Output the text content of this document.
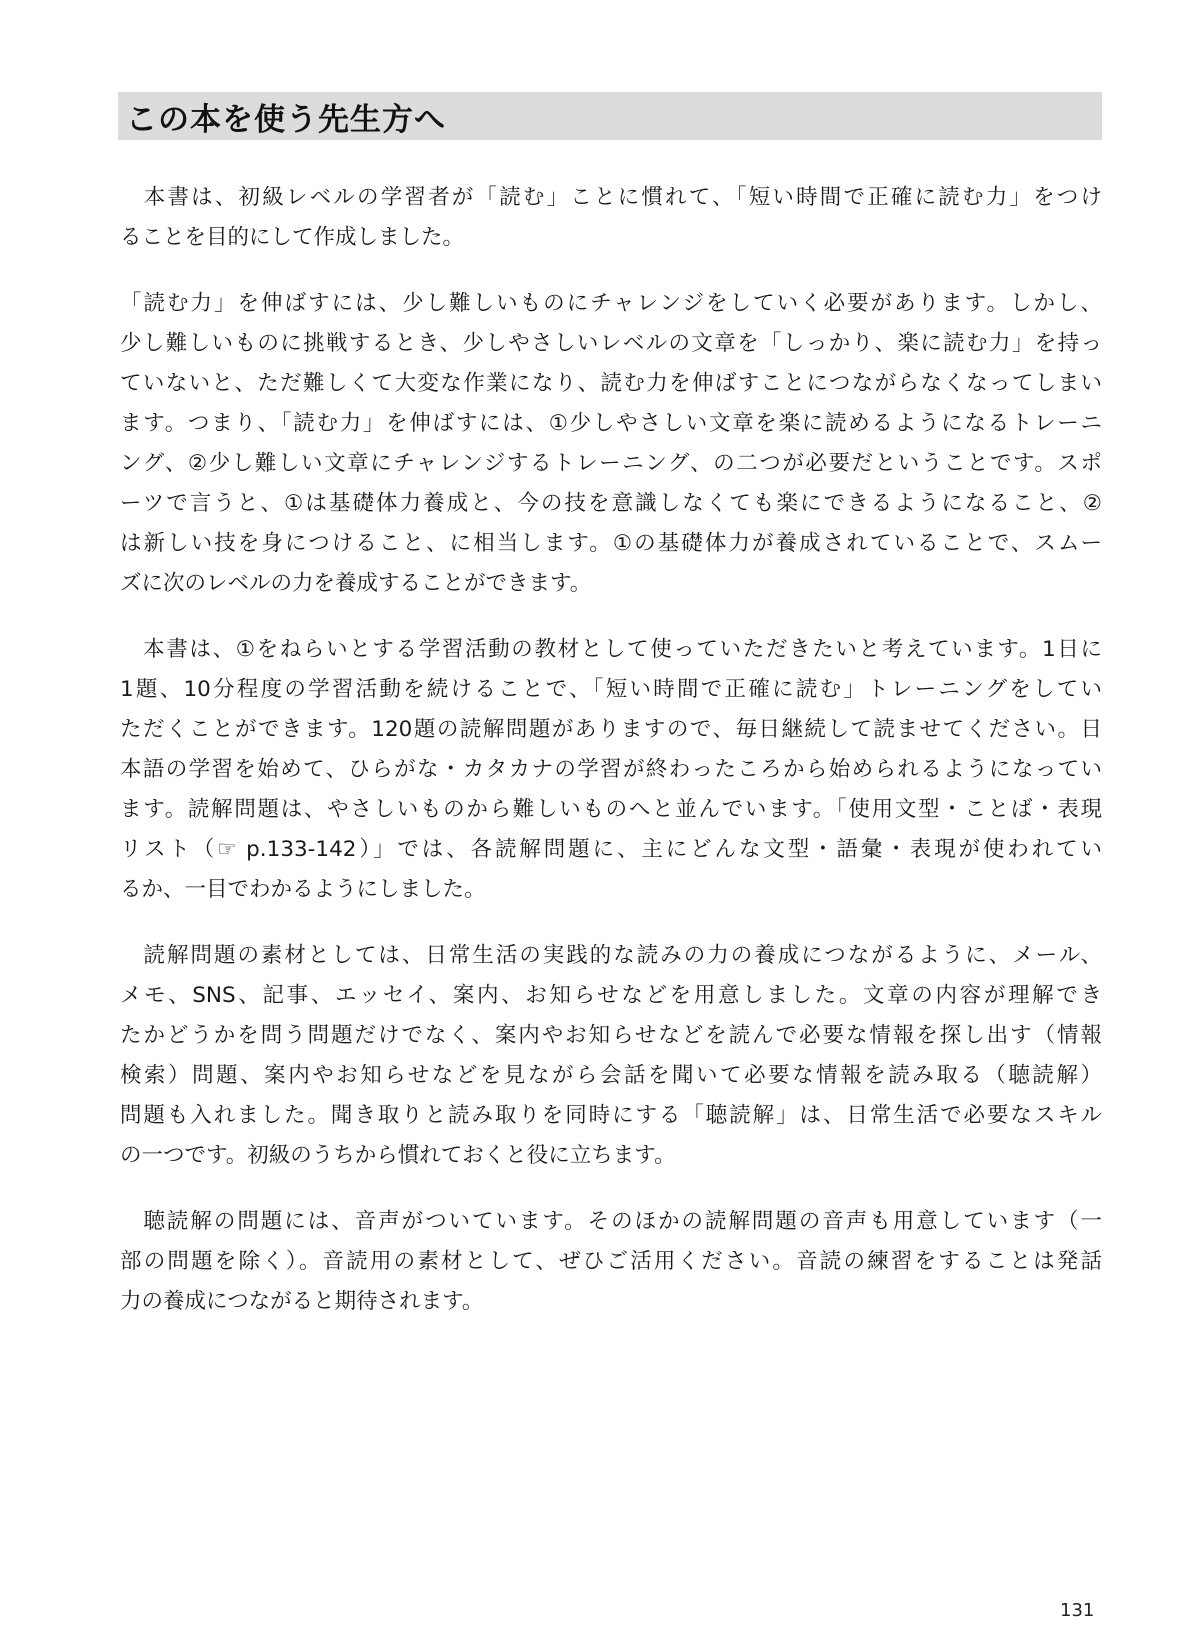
この本を使う先生方へ

　本書は、初級レベルの学習者が「読む」ことに慣れて、「短い時間で正確に読む力」をつけ
ることを目的にして作成しました。

「読む力」を伸ばすには、少し難しいものにチャレンジをしていく必要があります。しかし、
少し難しいものに挑戦するとき、少しやさしいレベルの文章を「しっかり、楽に読む力」を持っ
ていないと、ただ難しくて大変な作業になり、読む力を伸ばすことにつながらなくなってしまい
ます。つまり、「読む力」を伸ばすには、①少しやさしい文章を楽に読めるようになるトレーニ
ング、②少し難しい文章にチャレンジするトレーニング、の二つが必要だということです。スポ
ーツで言うと、①は基礎体力養成と、今の技を意識しなくても楽にできるようになること、②
は新しい技を身につけること、に相当します。①の基礎体力が養成されていることで、スムー
ズに次のレベルの力を養成することができます。

　本書は、①をねらいとする学習活動の教材として使っていただきたいと考えています。1日に
1題、10分程度の学習活動を続けることで、「短い時間で正確に読む」トレーニングをしてい
ただくことができます。120題の読解問題がありますので、毎日継続して読ませてください。日
本語の学習を始めて、ひらがな・カタカナの学習が終わったころから始められるようになってい
ます。読解問題は、やさしいものから難しいものへと並んでいます。「使用文型・ことば・表現
リスト（☞ p.133-142）」では、各読解問題に、主にどんな文型・語彙・表現が使われてい
るか、一目でわかるようにしました。

　読解問題の素材としては、日常生活の実践的な読みの力の養成につながるように、メール、
メモ、SNS、記事、エッセイ、案内、お知らせなどを用意しました。文章の内容が理解でき
たかどうかを問う問題だけでなく、案内やお知らせなどを読んで必要な情報を探し出す（情報
検索）問題、案内やお知らせなどを見ながら会話を聞いて必要な情報を読み取る（聴読解）
問題も入れました。聞き取りと読み取りを同時にする「聴読解」は、日常生活で必要なスキル
の一つです。初級のうちから慣れておくと役に立ちます。

　聴読解の問題には、音声がついています。そのほかの読解問題の音声も用意しています（一
部の問題を除く）。音読用の素材として、ぜひご活用ください。音読の練習をすることは発話
力の養成につながると期待されます。

131
